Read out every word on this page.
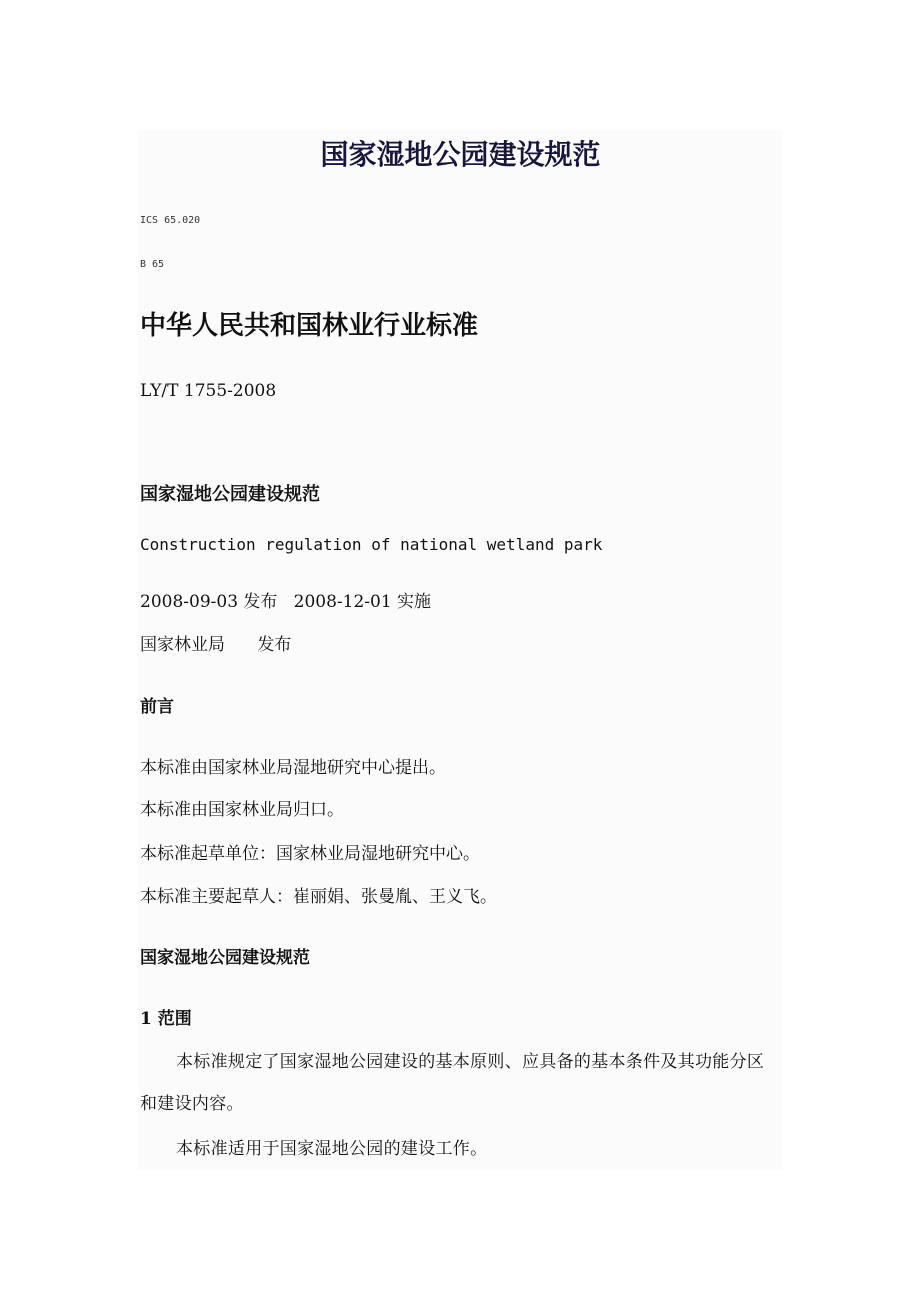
国家湿地公园建设规范
ICS 65.020
B 65
中华人民共和国林业行业标准
LY/T 1755-2008
国家湿地公园建设规范
Construction regulation of national wetland park
2008-09-03 发布   2008-12-01 实施
国家林业局      发布
前言
本标准由国家林业局湿地研究中心提出。
本标准由国家林业局归口。
本标准起草单位：国家林业局湿地研究中心。
本标准主要起草人：崔丽娟、张曼胤、王义飞。
国家湿地公园建设规范
1 范围
本标准规定了国家湿地公园建设的基本原则、应具备的基本条件及其功能分区和建设内容。
本标准适用于国家湿地公园的建设工作。
